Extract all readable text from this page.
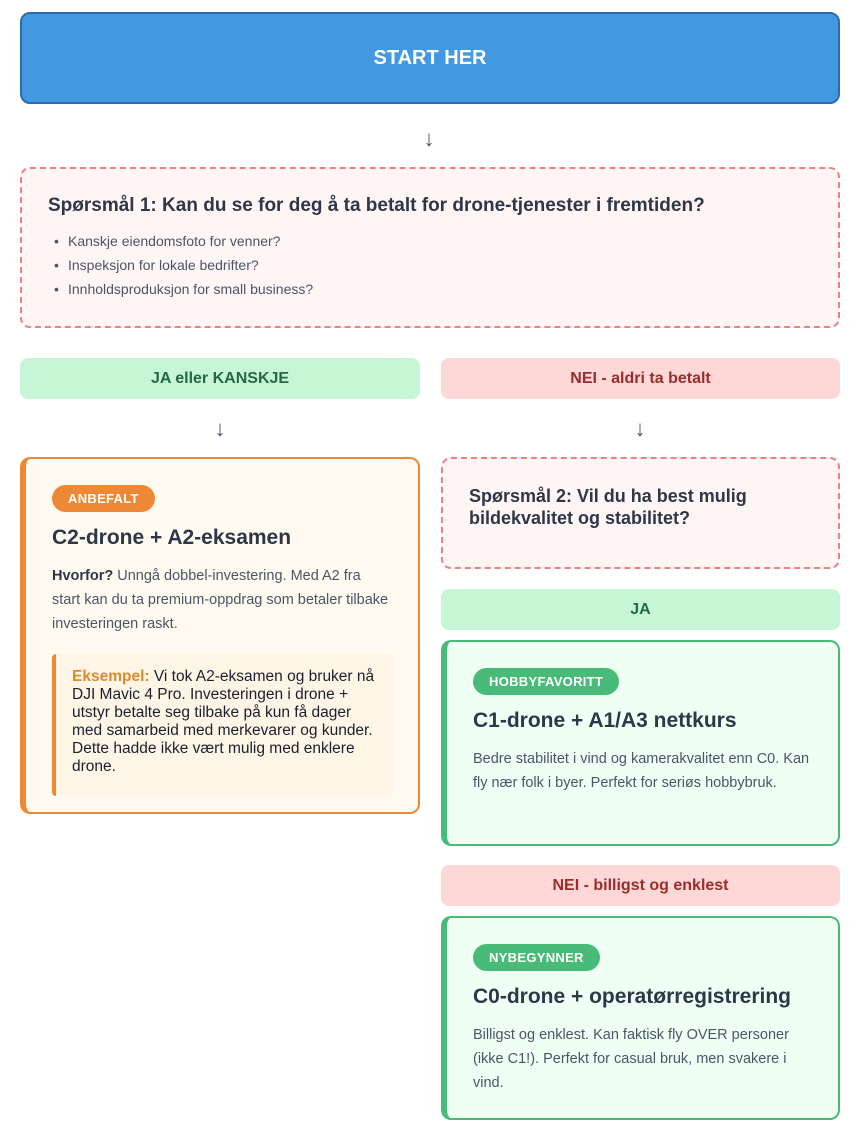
START HER
↓
Spørsmål 1: Kan du se for deg å ta betalt for drone-tjenester i fremtiden?
• Kanskje eiendomsfoto for venner?
• Inspeksjon for lokale bedrifter?
• Innholdsproduksjon for small business?
JA eller KANSKJE	NEI - aldri ta betalt
↓	↓
ANBEFALT
C2-drone + A2-eksamen

Hvorfor? Unngå dobbel-investering. Med A2 fra start kan du ta premium-oppdrag som betaler tilbake investeringen raskt.

Eksempel: Vi tok A2-eksamen og bruker nå DJI Mavic 4 Pro. Investeringen i drone + utstyr betalte seg tilbake på kun få dager med samarbeid med merkevarer og kunder. Dette hadde ikke vært mulig med enklere drone.
Spørsmål 2: Vil du ha best mulig bildekvalitet og stabilitet?
JA
HOBBYFAVORITT
C1-drone + A1/A3 nettkurs

Bedre stabilitet i vind og kamerakvalitet enn C0. Kan fly nær folk i byer. Perfekt for seriøs hobbybruk.

NEI - billigst og enklest
NYBEGYNNER
C0-drone + operatørregistrering

Billigst og enklest. Kan faktisk fly OVER personer (ikke C1!). Perfekt for casual bruk, men svakere i vind.
